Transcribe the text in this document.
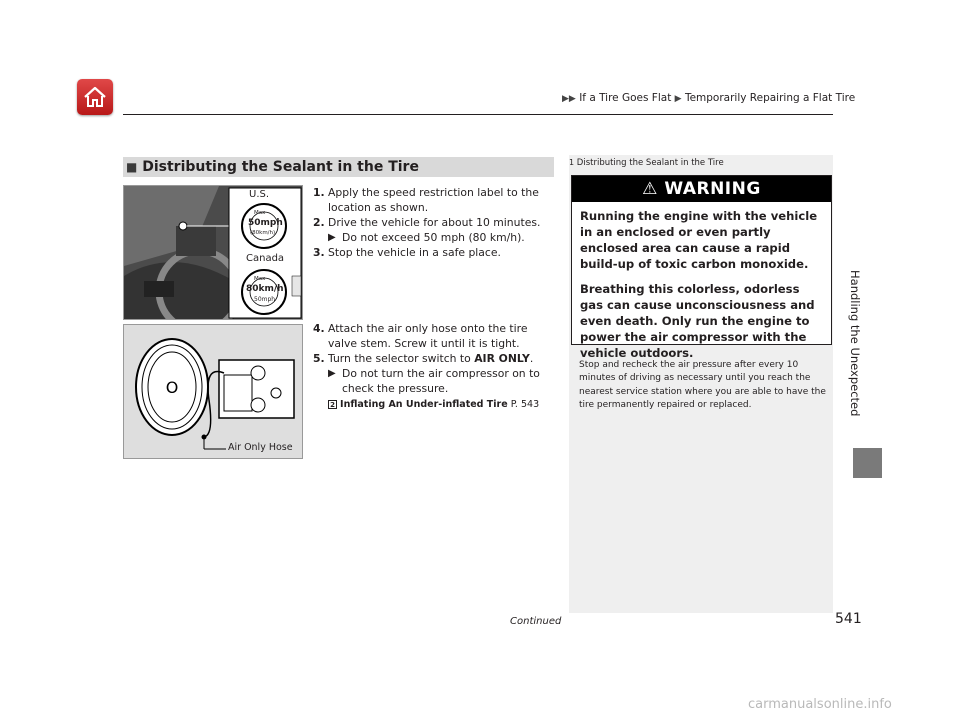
▶▶ If a Tire Goes Flat ▶ Temporarily Repairing a Flat Tire
Handling the Unexpected
■ Distributing the Sealant in the Tire
U.S.
Max
50mph
(80km/h)
Canada
Max
80km/h
50mph
O
Air Only Hose
1. Apply the speed restriction label to the location as shown.
2. Drive the vehicle for about 10 minutes.
▶ Do not exceed 50 mph (80 km/h).
3. Stop the vehicle in a safe place.
4. Attach the air only hose onto the tire valve stem. Screw it until it is tight.
5. Turn the selector switch to AIR ONLY.
▶ Do not turn the air compressor on to check the pressure.
2 Inflating An Under-inflated Tire P. 543
1 Distributing the Sealant in the Tire
⚠ WARNING

Running the engine with the vehicle in an enclosed or even partly enclosed area can cause a rapid build-up of toxic carbon monoxide.

Breathing this colorless, odorless gas can cause unconsciousness and even death. Only run the engine to power the air compressor with the vehicle outdoors.

Stop and recheck the air pressure after every 10 minutes of driving as necessary until you reach the nearest service station where you are able to have the tire permanently repaired or replaced.
Continued	541
carmanualsonline.info
